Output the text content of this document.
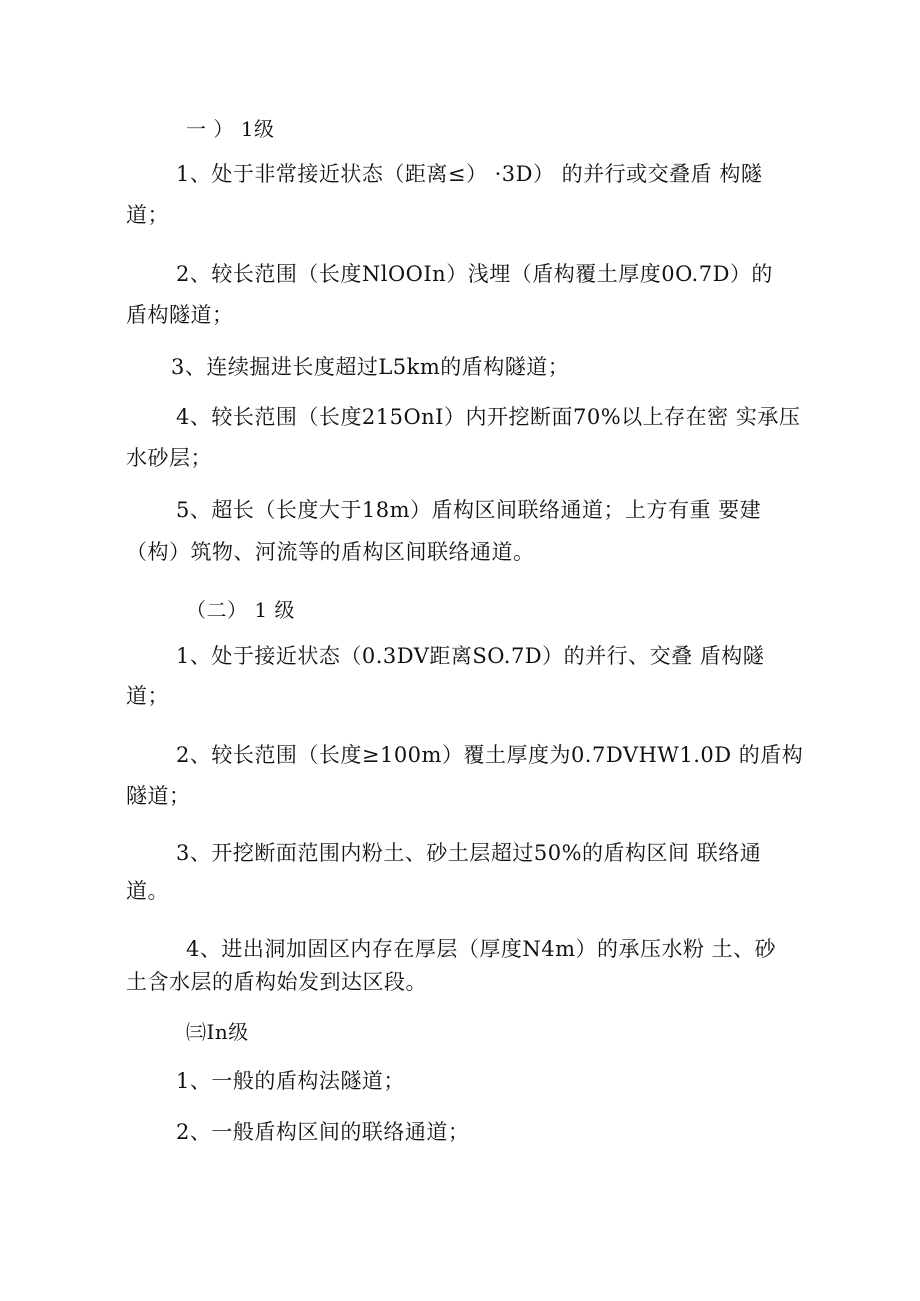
一 ） 1级
1、处于非常接近状态（距离≤） ·3D） 的并行或交叠盾 构隧
道；
2、较长范围（长度NlOOIn）浅埋（盾构覆土厚度0O.7D）的
盾构隧道；
3、连续掘进长度超过L5km的盾构隧道；
4、较长范围（长度215OnI）内开挖断面70%以上存在密 实承压
水砂层；
5、超长（长度大于18m）盾构区间联络通道；上方有重 要建
（构）筑物、河流等的盾构区间联络通道。
（二） 1 级
1、处于接近状态（0.3DV距离SO.7D）的并行、交叠 盾构隧
道；
2、较长范围（长度≥100m）覆土厚度为0.7DVHW1.0D 的盾构
隧道；
3、开挖断面范围内粉土、砂土层超过50%的盾构区间 联络通
道。
4、进出洞加固区内存在厚层（厚度N4m）的承压水粉 土、砂
土含水层的盾构始发到达区段。
㈢In级
1、一般的盾构法隧道；
2、一般盾构区间的联络通道；
